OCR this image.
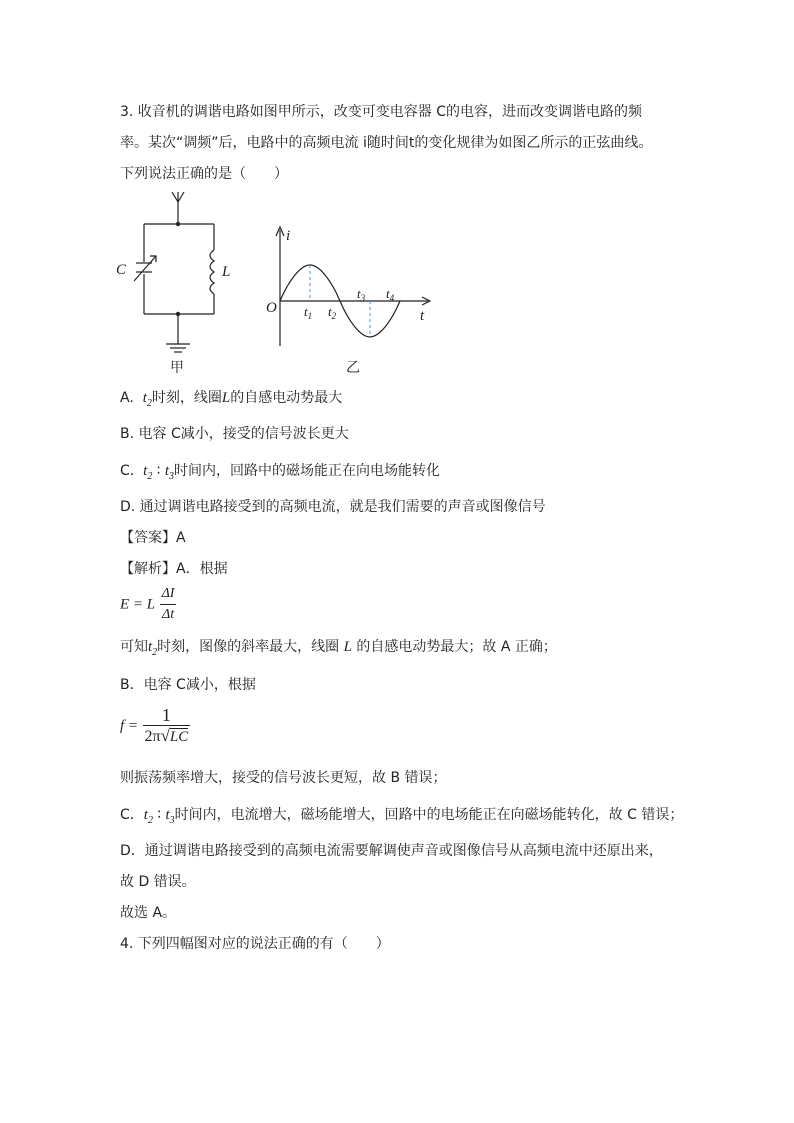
3. 收音机的调谐电路如图甲所示，改变可变电容器 C的电容，进而改变调谐电路的频
率。某次“调频”后，电路中的高频电流 i随时间t的变化规律为如图乙所示的正弦曲线。
下列说法正确的是（　　）
C	L
甲
i
t
O $t_1$ $t_2$
$t_3$ $t_4$
乙
A. $t_2$时刻，线圈L的自感电动势最大
B. 电容 C减小，接受的信号波长更大
C. $t_2$ ∶ $t_3$时间内，回路中的磁场能正在向电场能转化
D. 通过调谐电路接受到的高频电流，就是我们需要的声音或图像信号
【答案】A
【解析】A．根据
E = L $\frac{\Delta I}{\Delta t}$
可知$t_2$时刻，图像的斜率最大，线圈 L 的自感电动势最大；故 A 正确；
B．电容 C减小，根据
$f = \frac{1}{2\pi√LC}$
则振荡频率增大，接受的信号波长更短，故 B 错误；
C．$t_2$ ∶ $t_3$时间内，电流增大，磁场能增大，回路中的电场能正在向磁场能转化，故 C 错误；
D．通过调谐电路接受到的高频电流需要解调使声音或图像信号从高频电流中还原出来，
故 D 错误。
故选 A。
4. 下列四幅图对应的说法正确的有（　　）
